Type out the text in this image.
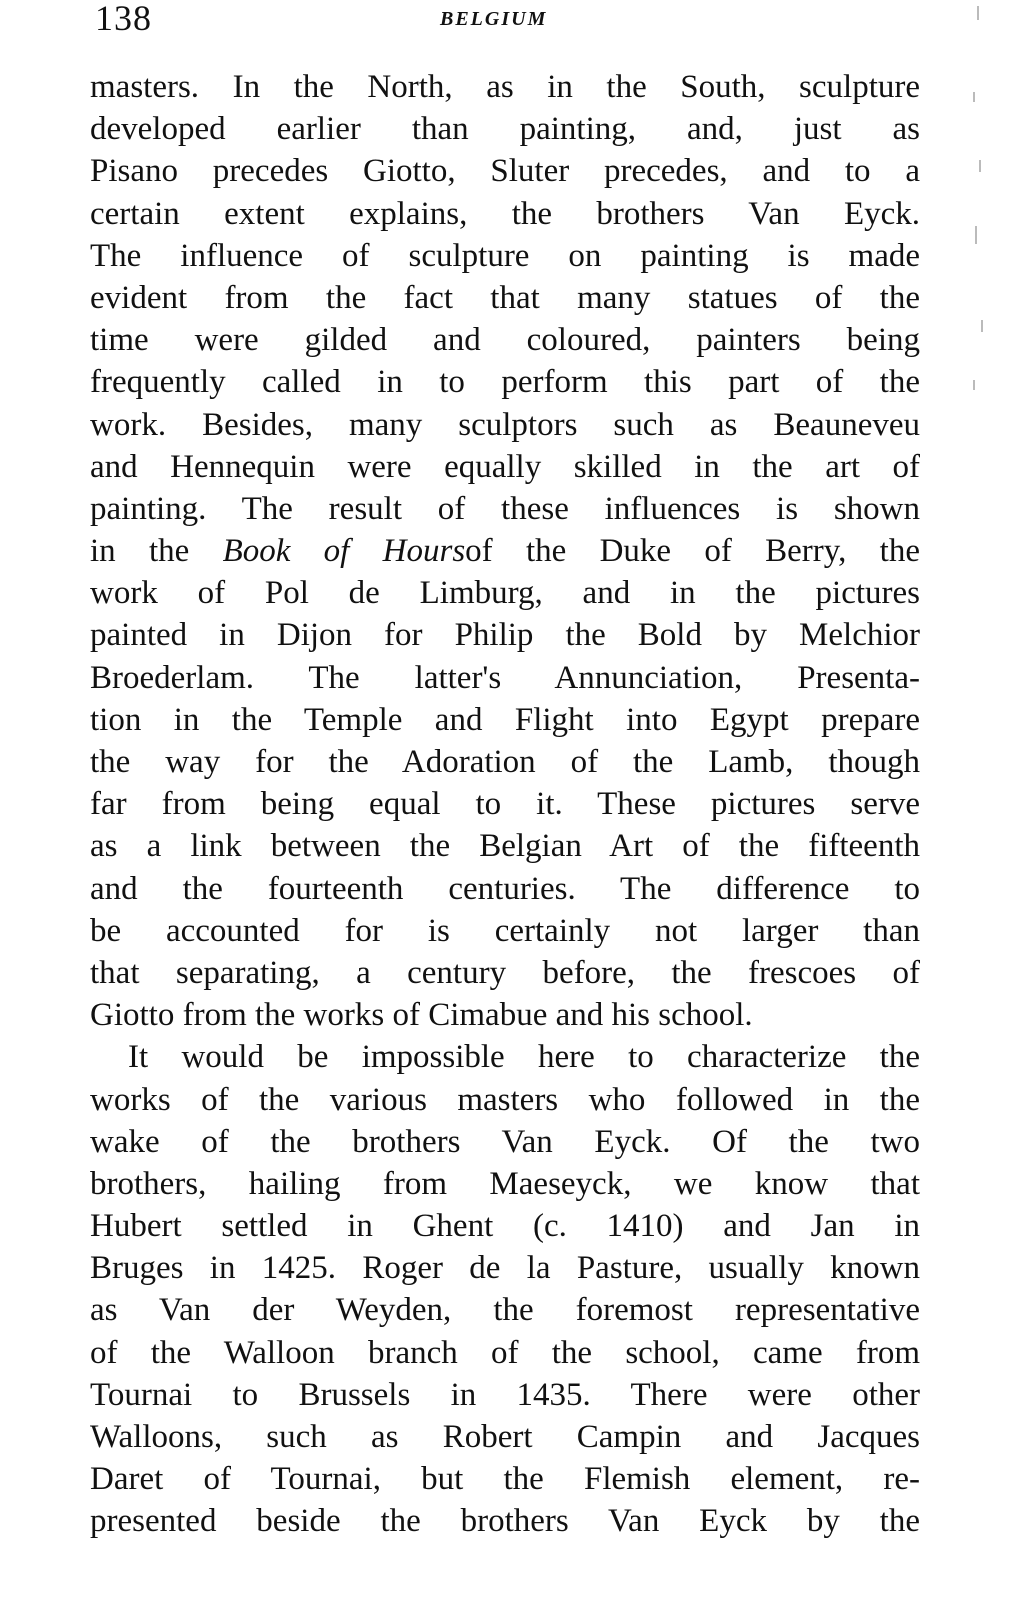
138	BELGIUM
masters. In the North, as in the South, sculpture
developed earlier than painting, and, just as
Pisano precedes Giotto, Sluter precedes, and to a
certain extent explains, the brothers Van Eyck.
The influence of sculpture on painting is made
evident from the fact that many statues of the
time were gilded and coloured, painters being
frequently called in to perform this part of the
work. Besides, many sculptors such as Beauneveu
and Hennequin were equally skilled in the art of
painting. The result of these influences is shown
in the Book of Hoursof the Duke of Berry, the
work of Pol de Limburg, and in the pictures
painted in Dijon for Philip the Bold by Melchior
Broederlam. The latter's Annunciation, Presenta-
tion in the Temple and Flight into Egypt prepare
the way for the Adoration of the Lamb, though
far from being equal to it. These pictures serve
as a link between the Belgian Art of the fifteenth
and the fourteenth centuries. The difference to
be accounted for is certainly not larger than
that separating, a century before, the frescoes of
Giotto from the works of Cimabue and his school.
It would be impossible here to characterize the
works of the various masters who followed in the
wake of the brothers Van Eyck. Of the two
brothers, hailing from Maeseyck, we know that
Hubert settled in Ghent (c. 1410) and Jan in
Bruges in 1425. Roger de la Pasture, usually known
as Van der Weyden, the foremost representative
of the Walloon branch of the school, came from
Tournai to Brussels in 1435. There were other
Walloons, such as Robert Campin and Jacques
Daret of Tournai, but the Flemish element, re-
presented beside the brothers Van Eyck by the
